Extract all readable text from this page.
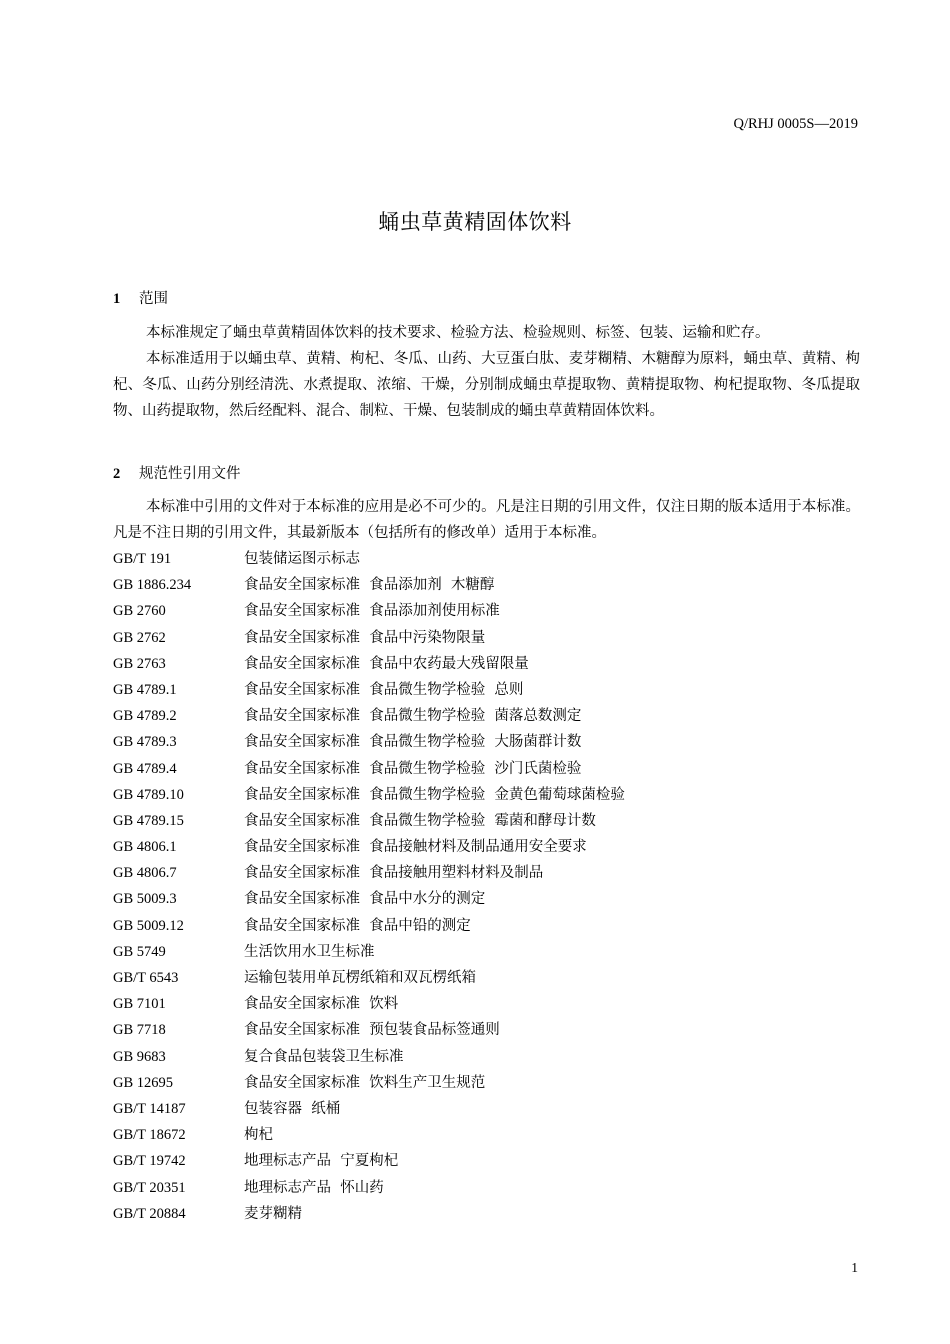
Q/RHJ 0005S—2019
蛹虫草黄精固体饮料
1 范围
本标准规定了蛹虫草黄精固体饮料的技术要求、检验方法、检验规则、标签、包装、运输和贮存。
本标准适用于以蛹虫草、黄精、枸杞、冬瓜、山药、大豆蛋白肽、麦芽糊精、木糖醇为原料，蛹虫草、黄精、枸杞、冬瓜、山药分别经清洗、水煮提取、浓缩、干燥，分别制成蛹虫草提取物、黄精提取物、枸杞提取物、冬瓜提取物、山药提取物，然后经配料、混合、制粒、干燥、包装制成的蛹虫草黄精固体饮料。
2 规范性引用文件
本标准中引用的文件对于本标准的应用是必不可少的。凡是注日期的引用文件，仅注日期的版本适用于本标准。凡是不注日期的引用文件，其最新版本（包括所有的修改单）适用于本标准。
GB/T 191	包装储运图示标志
GB 1886.234	食品安全国家标准  食品添加剂  木糖醇
GB 2760	食品安全国家标准  食品添加剂使用标准
GB 2762	食品安全国家标准  食品中污染物限量
GB 2763	食品安全国家标准  食品中农药最大残留限量
GB 4789.1	食品安全国家标准  食品微生物学检验  总则
GB 4789.2	食品安全国家标准  食品微生物学检验  菌落总数测定
GB 4789.3	食品安全国家标准  食品微生物学检验  大肠菌群计数
GB 4789.4	食品安全国家标准  食品微生物学检验  沙门氏菌检验
GB 4789.10	食品安全国家标准  食品微生物学检验  金黄色葡萄球菌检验
GB 4789.15	食品安全国家标准  食品微生物学检验  霉菌和酵母计数
GB 4806.1	食品安全国家标准  食品接触材料及制品通用安全要求
GB 4806.7	食品安全国家标准  食品接触用塑料材料及制品
GB 5009.3	食品安全国家标准  食品中水分的测定
GB 5009.12	食品安全国家标准  食品中铅的测定
GB 5749	生活饮用水卫生标准
GB/T 6543	运输包装用单瓦楞纸箱和双瓦楞纸箱
GB 7101	食品安全国家标准  饮料
GB 7718	食品安全国家标准  预包装食品标签通则
GB 9683	复合食品包装袋卫生标准
GB 12695	食品安全国家标准  饮料生产卫生规范
GB/T 14187	包装容器  纸桶
GB/T 18672	枸杞
GB/T 19742	地理标志产品  宁夏枸杞
GB/T 20351	地理标志产品  怀山药
GB/T 20884	麦芽糊精
1
